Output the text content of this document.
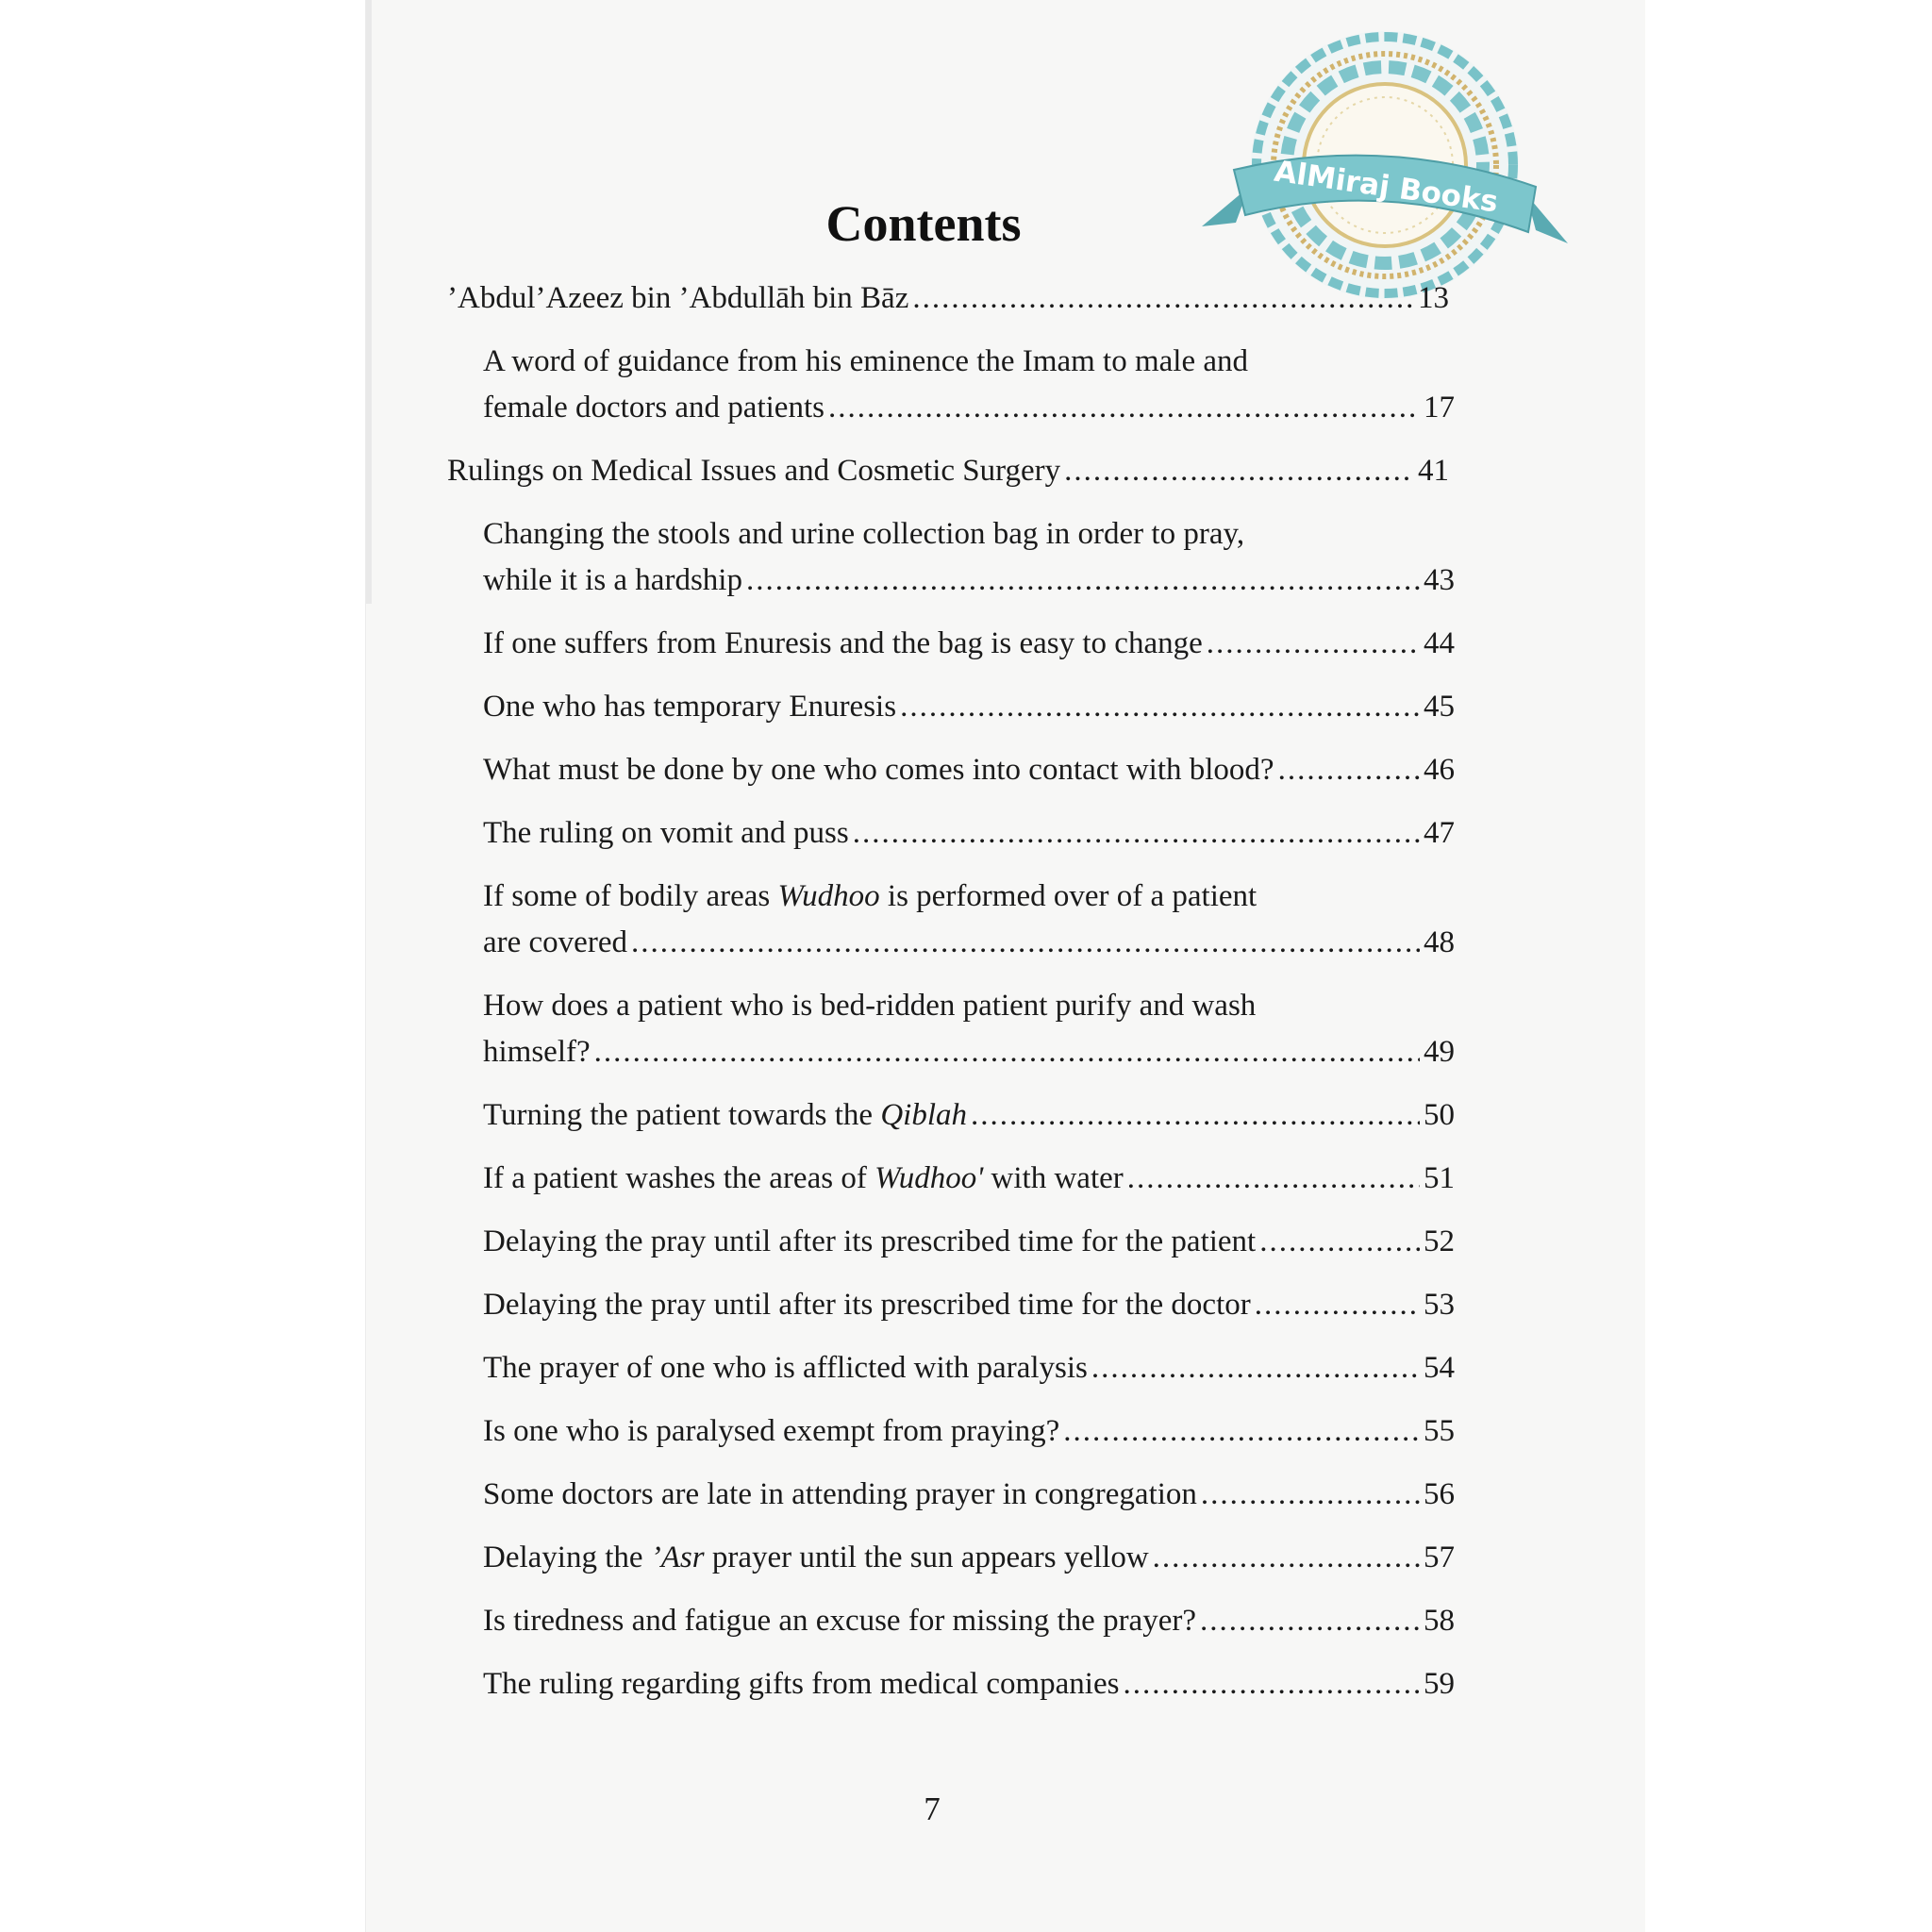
AlMiraj Books
Contents
’Abdul’Azeez bin ’Abdullāh bin Bāz .....	13
A word of guidance from his eminence the Imam to male and
female doctors and patients .....	17
Rulings on Medical Issues and Cosmetic Surgery .....	41
Changing the stools and urine collection bag in order to pray,
while it is a hardship .....	43
If one suffers from Enuresis and the bag is easy to change .....	44
One who has temporary Enuresis .....	45
What must be done by one who comes into contact with blood? .....	46
The ruling on vomit and puss .....	47
If some of bodily areas Wudhoo is performed over of a patient
are covered .....	48
How does a patient who is bed-ridden patient purify and wash
himself? .....	49
Turning the patient towards the Qiblah .....	50
If a patient washes the areas of Wudhoo' with water .....	51
Delaying the pray until after its prescribed time for the patient .....	52
Delaying the pray until after its prescribed time for the doctor .....	53
The prayer of one who is afflicted with paralysis .....	54
Is one who is paralysed exempt from praying? .....	55
Some doctors are late in attending prayer in congregation .....	56
Delaying the ’Asr prayer until the sun appears yellow .....	57
Is tiredness and fatigue an excuse for missing the prayer? .....	58
The ruling regarding gifts from medical companies .....	59
7
